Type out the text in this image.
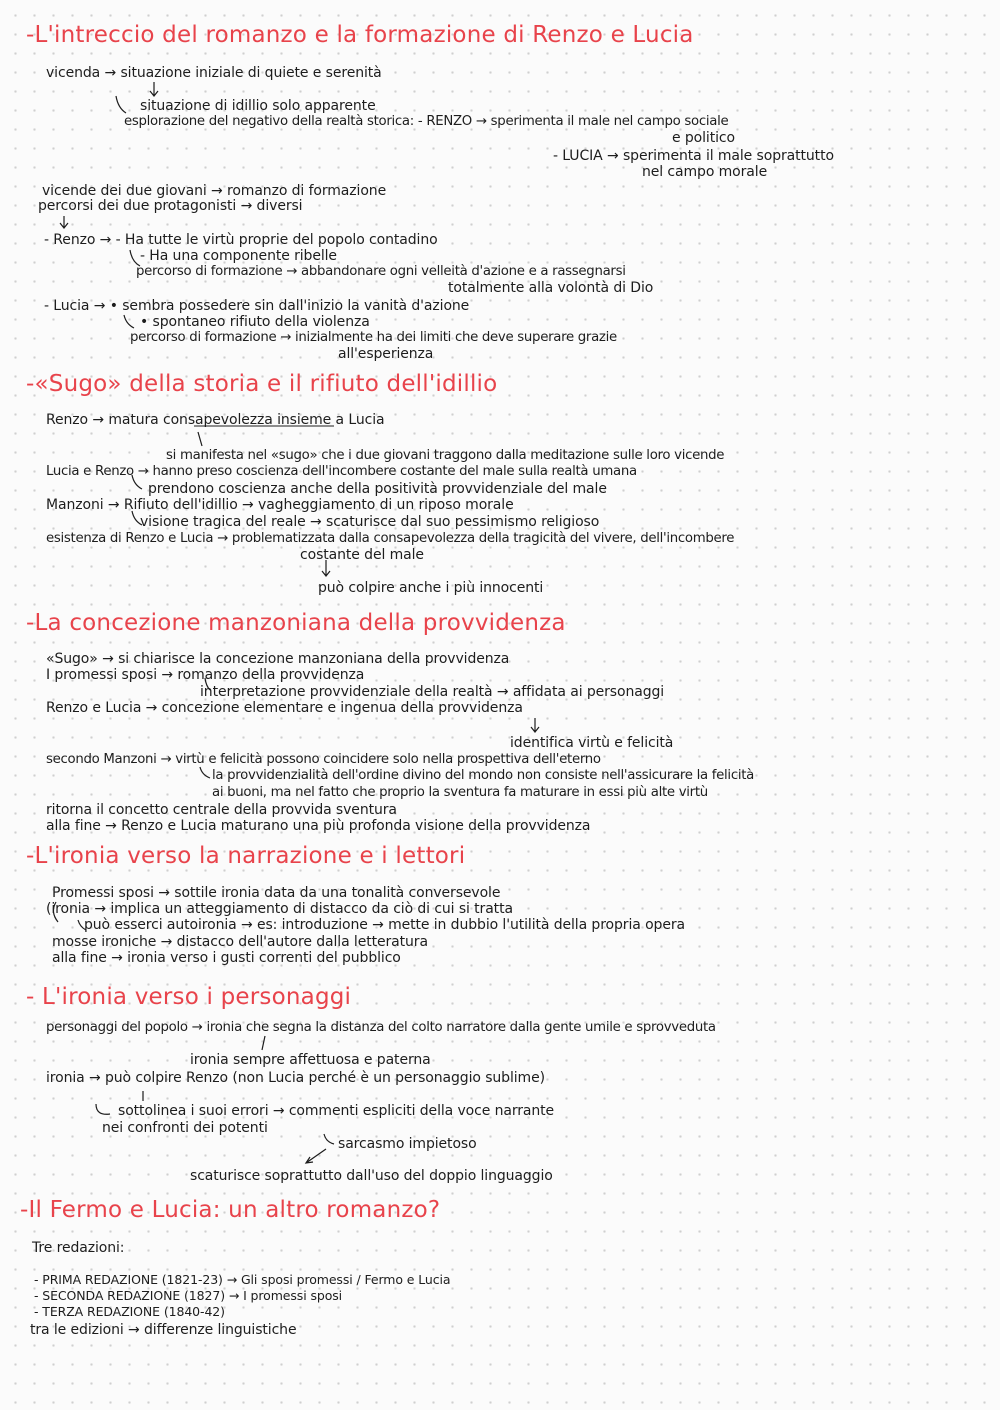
-L'intreccio del romanzo e la formazione di Renzo e Lucia
vicenda → situazione iniziale di quiete e serenità
situazione di idillio solo apparente
esplorazione del negativo della realtà storica: - RENZO → sperimenta il male nel campo sociale
e politico
- LUCIA → sperimenta il male soprattutto
nel campo morale
vicende dei due giovani → romanzo di formazione
percorsi dei due protagonisti → diversi
- Renzo → - Ha tutte le virtù proprie del popolo contadino
- Ha una componente ribelle
percorso di formazione → abbandonare ogni velleità d'azione e a rassegnarsi
totalmente alla volontà di Dio
- Lucia → • sembra possedere sin dall'inizio la vanità d'azione
• spontaneo rifiuto della violenza
percorso di formazione → inizialmente ha dei limiti che deve superare grazie
all'esperienza
-«Sugo» della storia e il rifiuto dell'idillio
Renzo → matura consapevolezza insieme a Lucia
si manifesta nel «sugo» che i due giovani traggono dalla meditazione sulle loro vicende
Lucia e Renzo → hanno preso coscienza dell'incombere costante del male sulla realtà umana
prendono coscienza anche della positività provvidenziale del male
Manzoni → Rifiuto dell'idillio → vagheggiamento di un riposo morale
visione tragica del reale → scaturisce dal suo pessimismo religioso
esistenza di Renzo e Lucia → problematizzata dalla consapevolezza della tragicità del vivere, dell'incombere
costante del male
può colpire anche i più innocenti
-La concezione manzoniana della provvidenza
«Sugo» → si chiarisce la concezione manzoniana della provvidenza
I promessi sposi → romanzo della provvidenza
interpretazione provvidenziale della realtà → affidata ai personaggi
Renzo e Lucia → concezione elementare e ingenua della provvidenza
identifica virtù e felicità
secondo Manzoni → virtù e felicità possono coincidere solo nella prospettiva dell'eterno
la provvidenzialità dell'ordine divino del mondo non consiste nell'assicurare la felicità
ai buoni, ma nel fatto che proprio la sventura fa maturare in essi più alte virtù
ritorna il concetto centrale della provvida sventura
alla fine → Renzo e Lucia maturano una più profonda visione della provvidenza
-L'ironia verso la narrazione e i lettori
Promessi sposi → sottile ironia data da una tonalità conversevole
(ironia → implica un atteggiamento di distacco da ciò di cui si tratta
può esserci autoironia → es: introduzione → mette in dubbio l'utilità della propria opera
mosse ironiche → distacco dell'autore dalla letteratura
alla fine → ironia verso i gusti correnti del pubblico
- L'ironia verso i personaggi
personaggi del popolo → ironia che segna la distanza del colto narratore dalla gente umile e sprovveduta
ironia sempre affettuosa e paterna
ironia → può colpire Renzo (non Lucia perché è un personaggio sublime)
sottolinea i suoi errori → commenti espliciti della voce narrante
nei confronti dei potenti
sarcasmo impietoso
scaturisce soprattutto dall'uso del doppio linguaggio
-Il Fermo e Lucia: un altro romanzo?
Tre redazioni:
- PRIMA REDAZIONE (1821-23) → Gli sposi promessi / Fermo e Lucia
- SECONDA REDAZIONE (1827) → I promessi sposi
- TERZA REDAZIONE (1840-42)
tra le edizioni → differenze linguistiche
